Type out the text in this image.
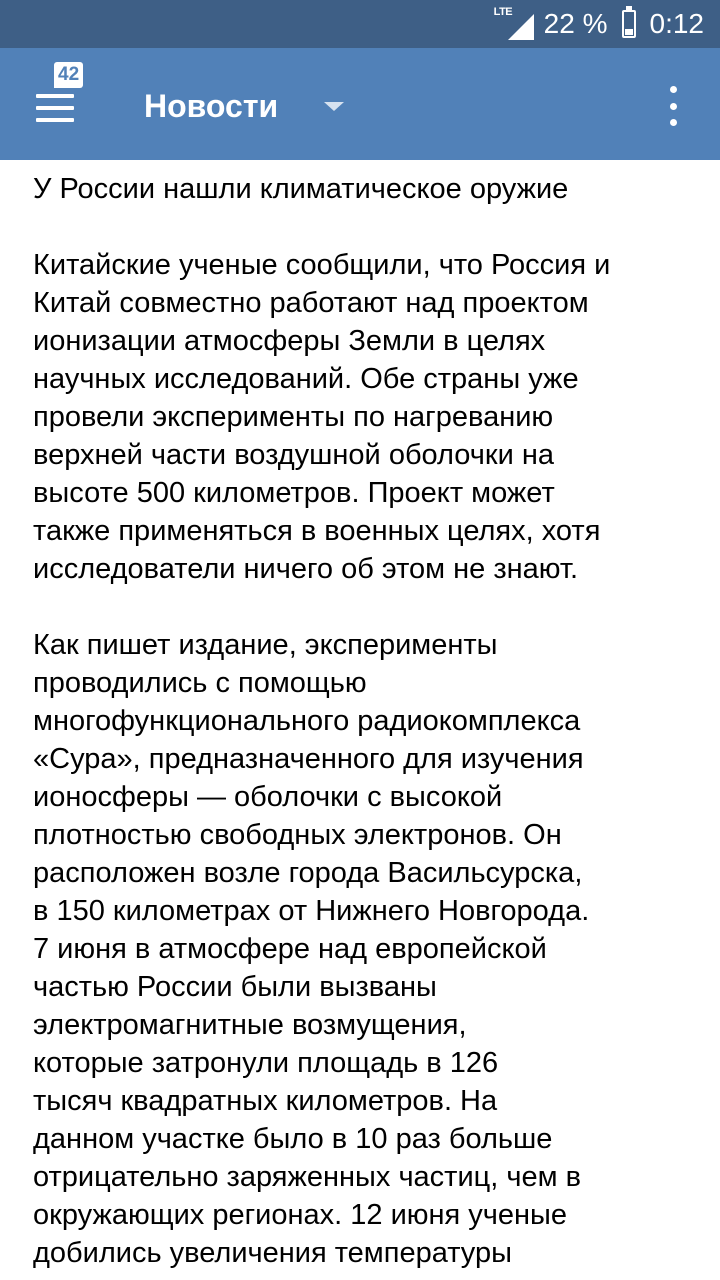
LTE 22 % 0:12
42
Новости

У России нашли климатическое оружие

Китайские ученые сообщили, что Россия и
Китай совместно работают над проектом
ионизации атмосферы Земли в целях
научных исследований. Обе страны уже
провели эксперименты по нагреванию
верхней части воздушной оболочки на
высоте 500 километров. Проект может
также применяться в военных целях, хотя
исследователи ничего об этом не знают.

Как пишет издание, эксперименты
проводились с помощью
многофункционального радиокомплекса
«Сура», предназначенного для изучения
ионосферы — оболочки с высокой
плотностью свободных электронов. Он
расположен возле города Васильсурска,
в 150 километрах от Нижнего Новгорода.
7 июня в атмосфере над европейской
частью России были вызваны
электромагнитные возмущения,
которые затронули площадь в 126
тысяч квадратных километров. На
данном участке было в 10 раз больше
отрицательно заряженных частиц, чем в
окружающих регионах. 12 июня ученые
добились увеличения температуры
